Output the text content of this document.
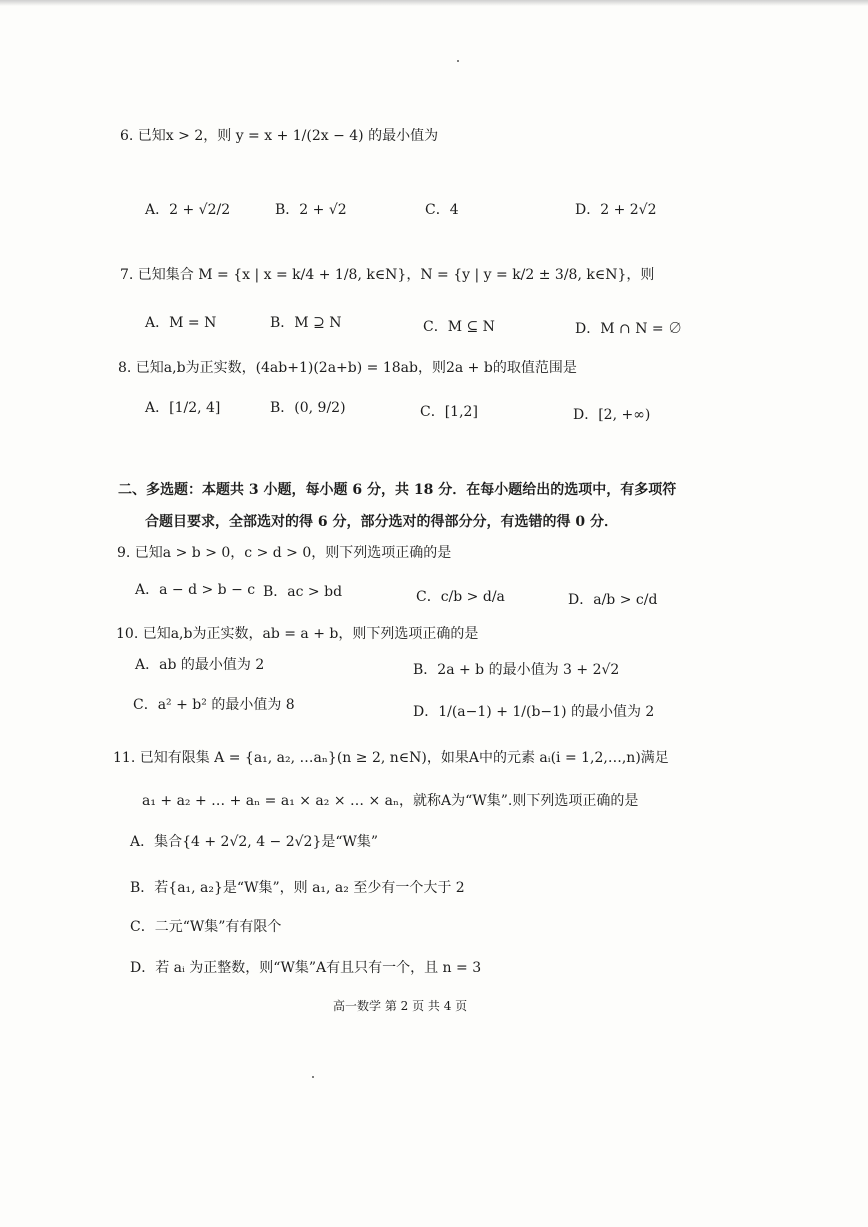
6. 已知x > 2，则 y = x + 1/(2x − 4) 的最小值为
A．2 + √2/2	B．2 + √2	C．4	D．2 + 2√2
7. 已知集合 M = {x | x = k/4 + 1/8, k∈N}，N = {y | y = k/2 ± 3/8, k∈N}，则
A．M = N	B．M ⊇ N	C．M ⊆ N	D．M ∩ N = ∅
8. 已知a,b为正实数，(4ab+1)(2a+b) = 18ab，则2a + b的取值范围是
A．[1/2, 4]	B．(0, 9/2)	C．[1,2]	D．[2, +∞)
二、多选题：本题共 3 小题，每小题 6 分，共 18 分．在每小题给出的选项中，有多项符
合题目要求，全部选对的得 6 分，部分选对的得部分分，有选错的得 0 分．
9. 已知a > b > 0，c > d > 0，则下列选项正确的是
A．a − d > b − c B．ac > bd	C．c/b > d/a	D．a/b > c/d
10. 已知a,b为正实数，ab = a + b，则下列选项正确的是
A．ab 的最小值为 2	B．2a + b 的最小值为 3 + 2√2
C．a² + b² 的最小值为 8	D．1/(a−1) + 1/(b−1) 的最小值为 2
11. 已知有限集 A = {a₁, a₂, …aₙ}(n ≥ 2, n∈N)，如果A中的元素 aᵢ(i = 1,2,…,n)满足
a₁ + a₂ + … + aₙ = a₁ × a₂ × … × aₙ，就称A为“W集”.则下列选项正确的是
A．集合{4 + 2√2, 4 − 2√2}是“W集”
B．若{a₁, a₂}是“W集”，则 a₁, a₂ 至少有一个大于 2
C．二元“W集”有有限个
D．若 aᵢ 为正整数，则“W集”A有且只有一个，且 n = 3
高一数学 第 2 页 共 4 页
